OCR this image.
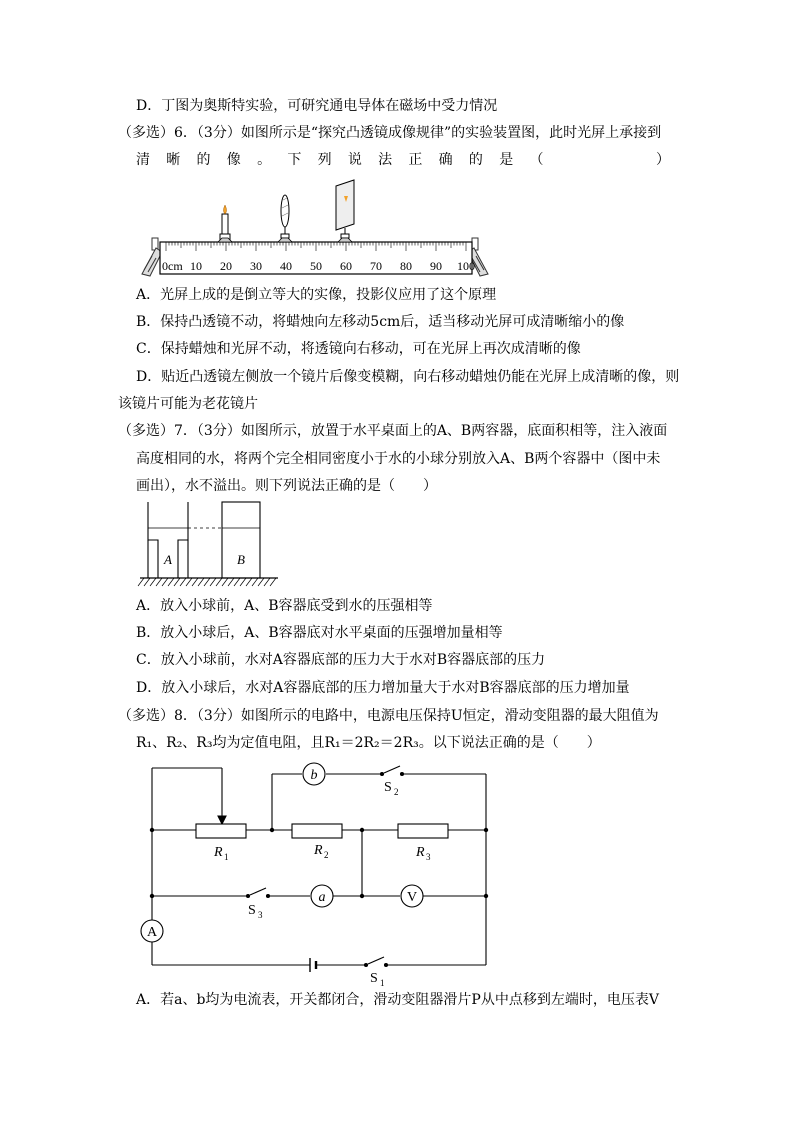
D．丁图为奥斯特实验，可研究通电导体在磁场中受力情况
（多选）6．（3分）如图所示是“探究凸透镜成像规律”的实验装置图，此时光屏上承接到
清 晰 的 像 。 下 列 说 法 正 确 的 是 （	）
0cm 10 20 30 40 50 60 70 80 90 100
A．光屏上成的是倒立等大的实像，投影仪应用了这个原理
B．保持凸透镜不动，将蜡烛向左移动5cm后，适当移动光屏可成清晰缩小的像
C．保持蜡烛和光屏不动，将透镜向右移动，可在光屏上再次成清晰的像
D．贴近凸透镜左侧放一个镜片后像变模糊，向右移动蜡烛仍能在光屏上成清晰的像，则
该镜片可能为老花镜片
（多选）7．（3分）如图所示，放置于水平桌面上的A、B两容器，底面积相等，注入液面
高度相同的水，将两个完全相同密度小于水的小球分别放入A、B两个容器中（图中未
画出），水不溢出。则下列说法正确的是（　　）
A	B
A．放入小球前，A、B容器底受到水的压强相等
B．放入小球后，A、B容器底对水平桌面的压强增加量相等
C．放入小球前，水对A容器底部的压力大于水对B容器底部的压力
D．放入小球后，水对A容器底部的压力增加量大于水对B容器底部的压力增加量
（多选）8．（3分）如图所示的电路中，电源电压保持U恒定，滑动变阻器的最大阻值为
R₁、R₂、R₃均为定值电阻，且R₁＝2R₂＝2R₃。以下说法正确的是（　　）
b
S 2
R 1	R 2	R 3
S 3
a	V
A
S 1
A．若a、b均为电流表，开关都闭合，滑动变阻器滑片P从中点移到左端时，电压表V
